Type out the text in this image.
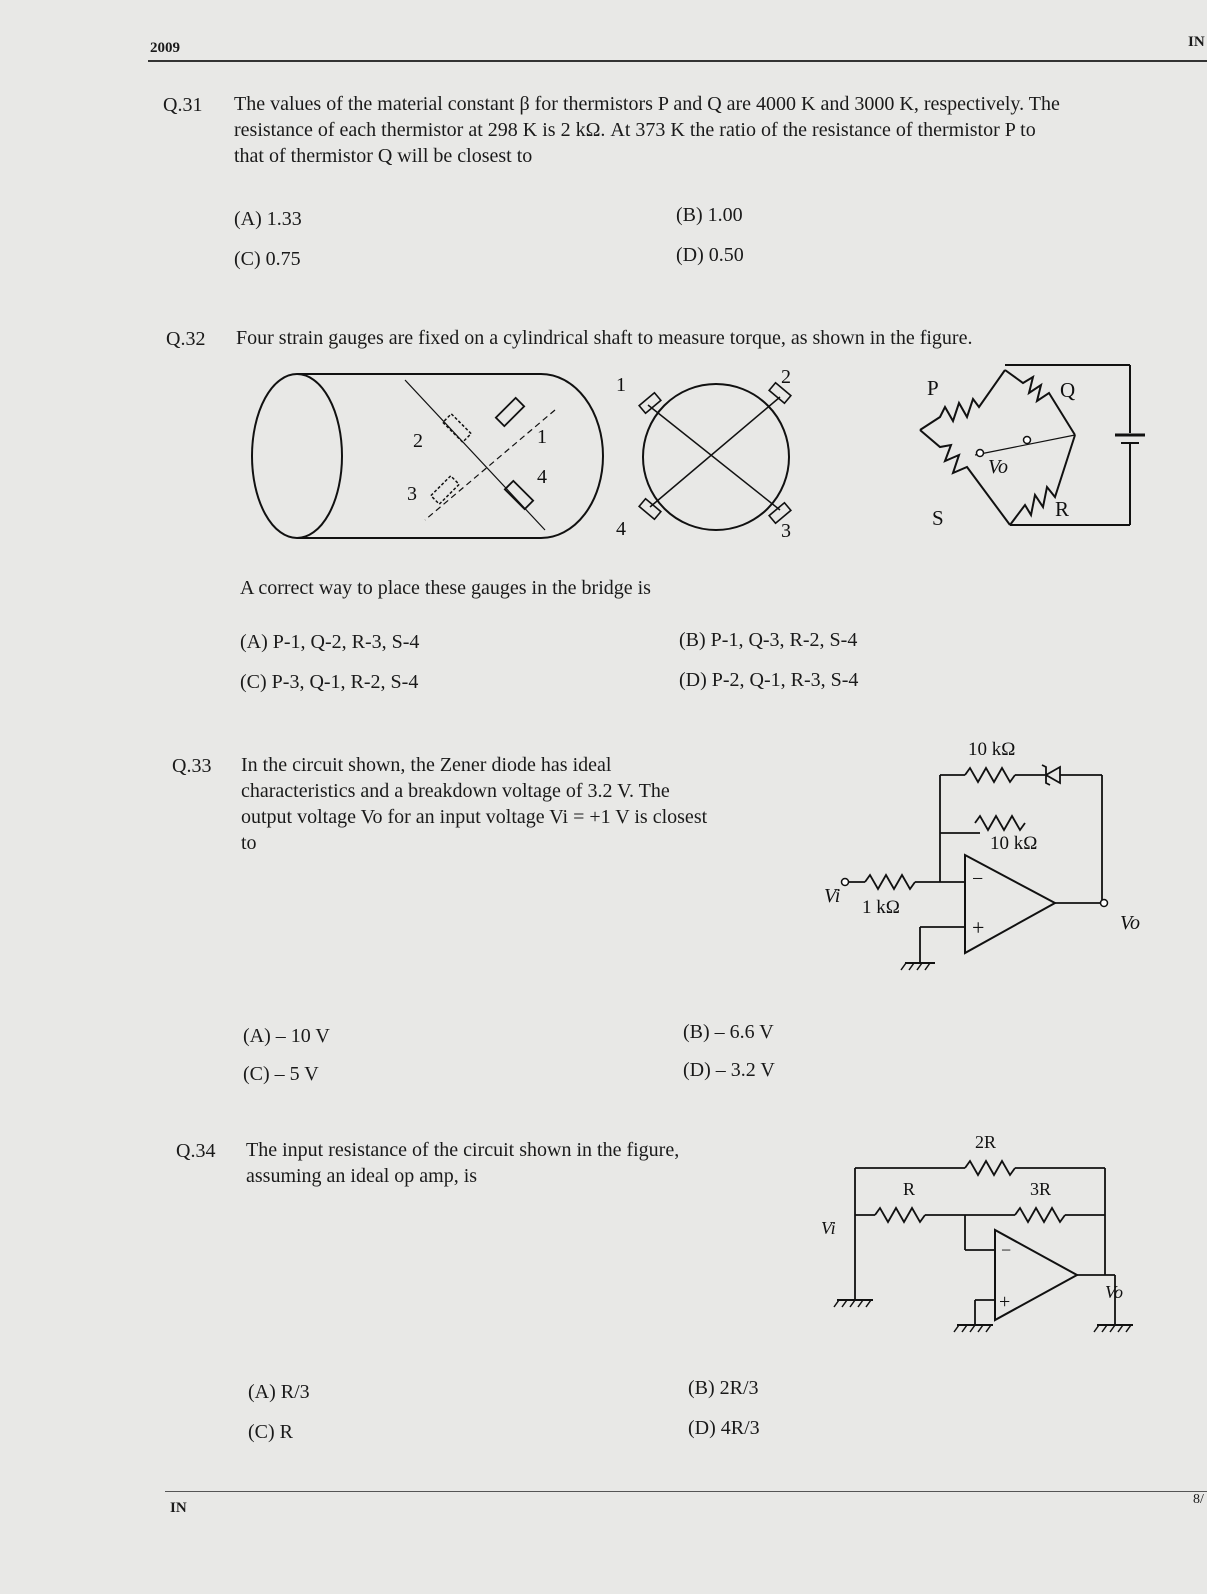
2009	IN
Q.31 The values of the material constant β for thermistors P and Q are 4000 K and 3000 K, respectively. The
resistance of each thermistor at 298 K is 2 kΩ. At 373 K the ratio of the resistance of thermistor P to
that of thermistor Q will be closest to
(A) 1.33	(B) 1.00
(C) 0.75	(D) 0.50
Q.32 Four strain gauges are fixed on a cylindrical shaft to measure torque, as shown in the figure.
1
2
3
4
1	2
3
4
P	Q
S	R
Vo
A correct way to place these gauges in the bridge is
(A) P-1, Q-2, R-3, S-4	(B) P-1, Q-3, R-2, S-4
(C) P-3, Q-1, R-2, S-4	(D) P-2, Q-1, R-3, S-4
Q.33 In the circuit shown, the Zener diode has ideal
characteristics and a breakdown voltage of 3.2 V. The
output voltage Vo for an input voltage Vi = +1 V is closest
to
10 kΩ
10 kΩ
1 kΩ
Vi
Vo
−
+
(A) – 10 V	(B) – 6.6 V
(C) – 5 V	(D) – 3.2 V
Q.34 The input resistance of the circuit shown in the figure,
assuming an ideal op amp, is
2R
R	3R
Vi
Vo
−
+
(A) R/3	(B) 2R/3
(C) R	(D) 4R/3
IN
8/
